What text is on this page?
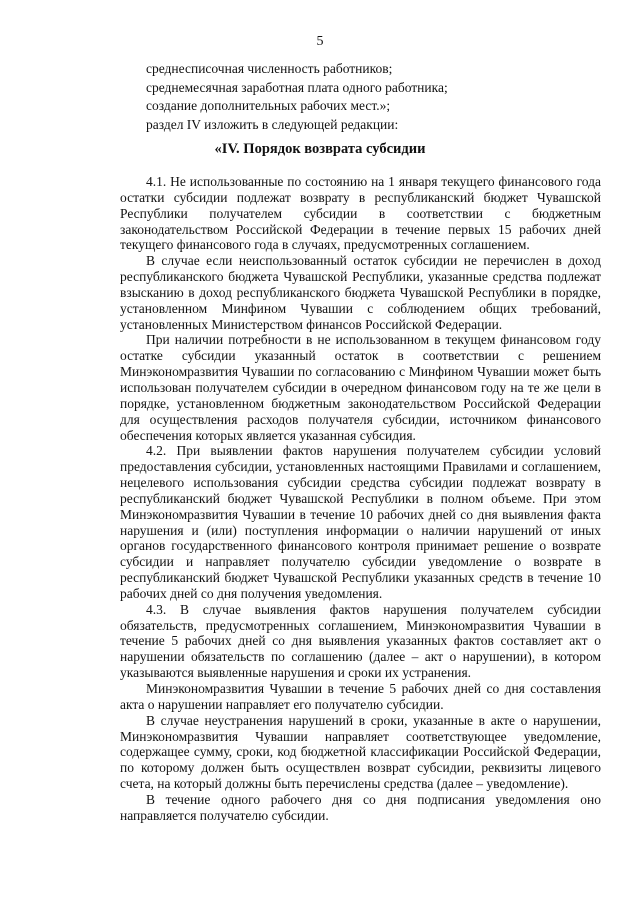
5
среднесписочная численность работников;
среднемесячная заработная плата одного работника;
создание дополнительных рабочих мест.»;
раздел IV изложить в следующей редакции:
«IV. Порядок возврата субсидии

4.1. Не использованные по состоянию на 1 января текущего финансового года остатки субсидии подлежат возврату в республиканский бюджет Чувашской Республики получателем субсидии в соответствии с бюджетным законодательством Российской Федерации в течение первых 15 рабочих дней текущего финансового года в случаях, предусмотренных соглашением.

В случае если неиспользованный остаток субсидии не перечислен в доход республиканского бюджета Чувашской Республики, указанные средства подлежат взысканию в доход республиканского бюджета Чувашской Республики в порядке, установленном Минфином Чувашии с соблюдением общих требований, установленных Министерством финансов Российской Федерации.

При наличии потребности в не использованном в текущем финансовом году остатке субсидии указанный остаток в соответствии с решением Минэкономразвития Чувашии по согласованию с Минфином Чувашии может быть использован получателем субсидии в очередном финансовом году на те же цели в порядке, установленном бюджетным законодательством Российской Федерации для осуществления расходов получателя субсидии, источником финансового обеспечения которых является указанная субсидия.

4.2. При выявлении фактов нарушения получателем субсидии условий предоставления субсидии, установленных настоящими Правилами и соглашением, нецелевого использования субсидии средства субсидии подлежат возврату в республиканский бюджет Чувашской Республики в полном объеме. При этом Минэкономразвития Чувашии в течение 10 рабочих дней со дня выявления факта нарушения и (или) поступления информации о наличии нарушений от иных органов государственного финансового контроля принимает решение о возврате субсидии и направляет получателю субсидии уведомление о возврате в республиканский бюджет Чувашской Республики указанных средств в течение 10 рабочих дней со дня получения уведомления.

4.3. В случае выявления фактов нарушения получателем субсидии обязательств, предусмотренных соглашением, Минэкономразвития Чувашии в течение 5 рабочих дней со дня выявления указанных фактов составляет акт о нарушении обязательств по соглашению (далее – акт о нарушении), в котором указываются выявленные нарушения и сроки их устранения.

Минэкономразвития Чувашии в течение 5 рабочих дней со дня составления акта о нарушении направляет его получателю субсидии.

В случае неустранения нарушений в сроки, указанные в акте о нарушении, Минэкономразвития Чувашии направляет соответствующее уведомление, содержащее сумму, сроки, код бюджетной классификации Российской Федерации, по которому должен быть осуществлен возврат субсидии, реквизиты лицевого счета, на который должны быть перечислены средства (далее – уведомление).

В течение одного рабочего дня со дня подписания уведомления оно направляется получателю субсидии.
